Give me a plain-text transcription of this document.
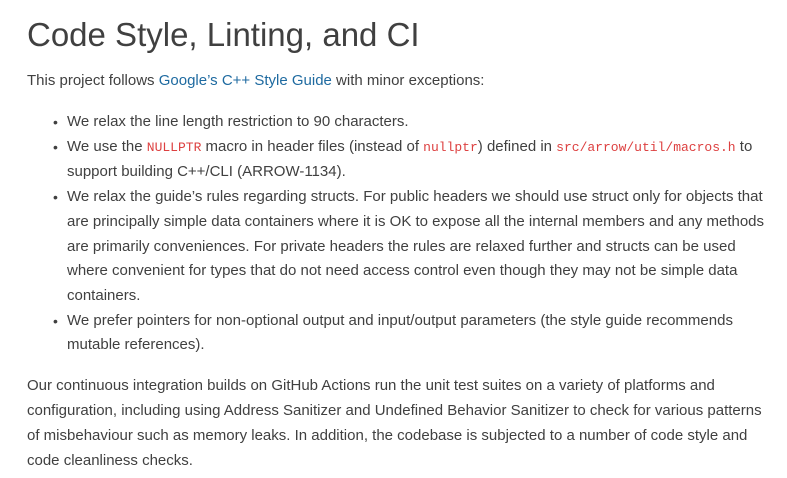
Code Style, Linting, and CI

This project follows Google’s C++ Style Guide with minor exceptions:

• We relax the line length restriction to 90 characters.
• We use the NULLPTR macro in header files (instead of nullptr) defined in src/arrow/util/macros.h to support building C++/CLI (ARROW-1134).
• We relax the guide’s rules regarding structs. For public headers we should use struct only for objects that are principally simple data containers where it is OK to expose all the internal members and any methods are primarily conveniences. For private headers the rules are relaxed further and structs can be used where convenient for types that do not need access control even though they may not be simple data containers.
• We prefer pointers for non-optional output and input/output parameters (the style guide recommends mutable references).

Our continuous integration builds on GitHub Actions run the unit test suites on a variety of platforms and configuration, including using Address Sanitizer and Undefined Behavior Sanitizer to check for various patterns of misbehaviour such as memory leaks. In addition, the codebase is subjected to a number of code style and code cleanliness checks.
